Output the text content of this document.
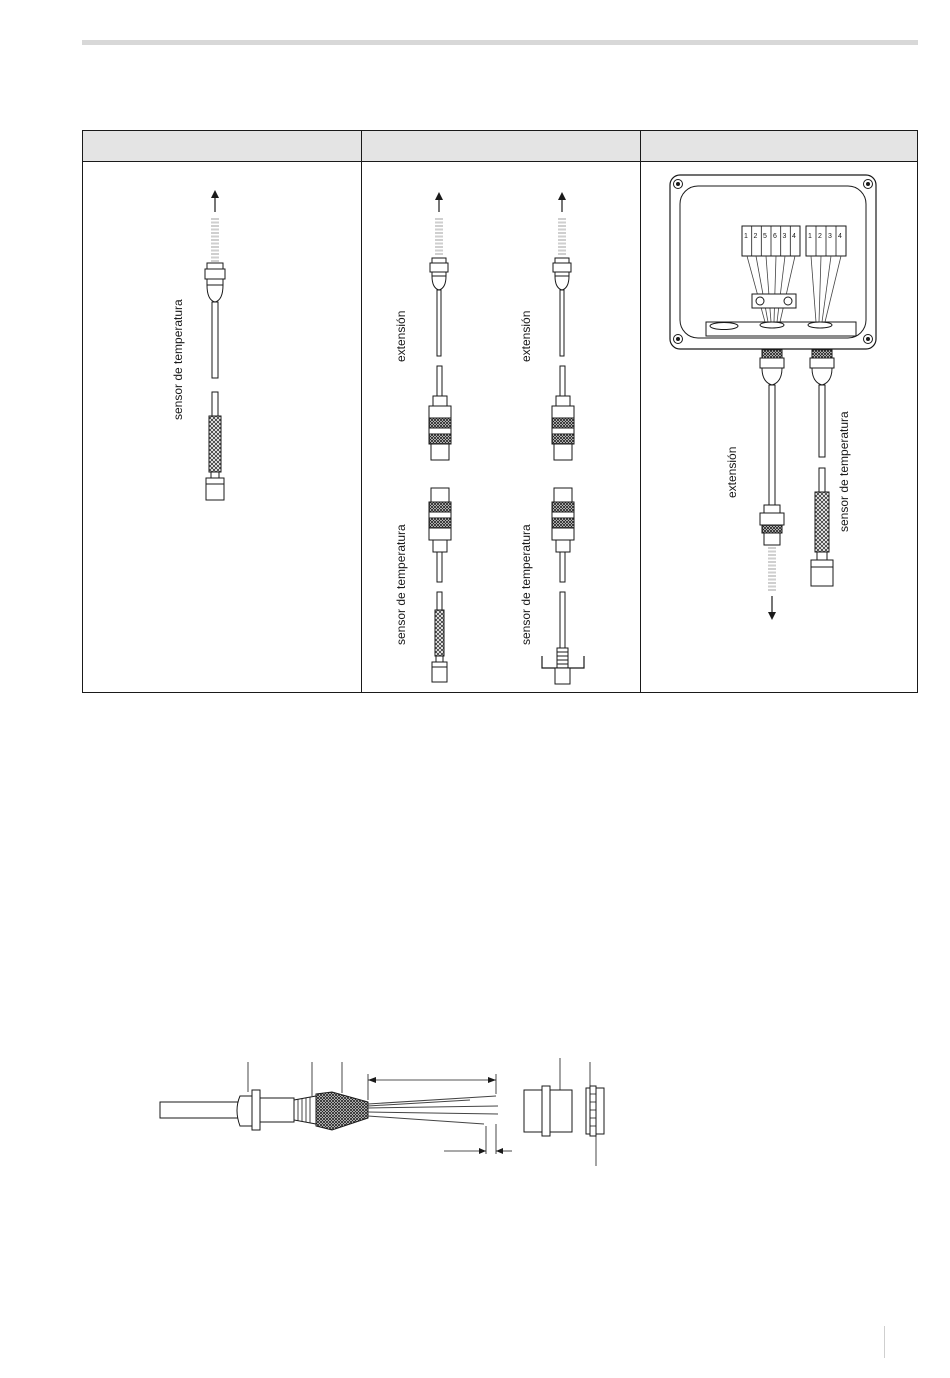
sensor de temperatura	extensión
sensor de temperatura
extensión
sensor de temperatura
1 2 5 6 3 4 1 2 3 4
extensión	sensor de temperatura
